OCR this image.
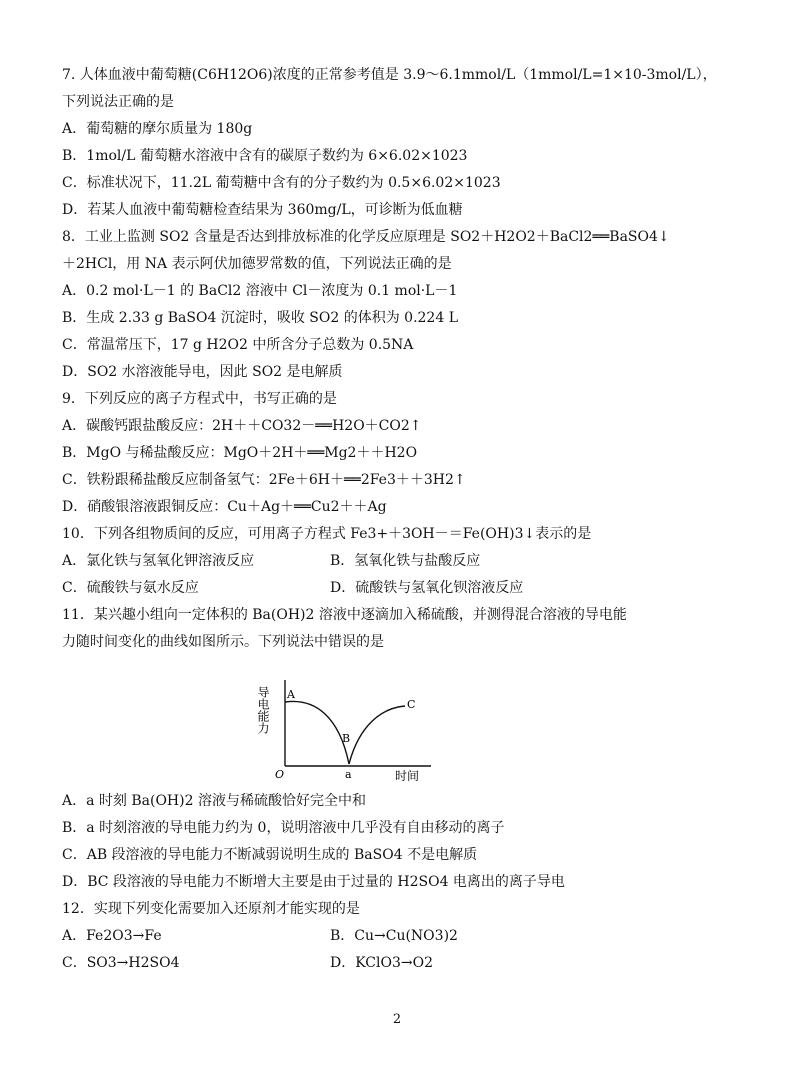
7. 人体血液中葡萄糖(C6H12O6)浓度的正常参考值是 3.9～6.1mmol/L（1mmol/L=1×10-3mol/L），
下列说法正确的是
A．葡萄糖的摩尔质量为 180g
B．1mol/L 葡萄糖水溶液中含有的碳原子数约为 6×6.02×1023
C．标准状况下，11.2L 葡萄糖中含有的分子数约为 0.5×6.02×1023
D．若某人血液中葡萄糖检查结果为 360mg/L，可诊断为低血糖
8．工业上监测 SO2 含量是否达到排放标准的化学反应原理是 SO2＋H2O2＋BaCl2══BaSO4↓
＋2HCl，用 NA 表示阿伏加德罗常数的值，下列说法正确的是
A．0.2 mol·L－1 的 BaCl2 溶液中 Cl－浓度为 0.1 mol·L－1
B．生成 2.33 g BaSO4 沉淀时，吸收 SO2 的体积为 0.224 L
C．常温常压下，17 g H2O2 中所含分子总数为 0.5NA
D．SO2 水溶液能导电，因此 SO2 是电解质
9．下列反应的离子方程式中，书写正确的是
A．碳酸钙跟盐酸反应：2H＋＋CO32－══H2O＋CO2↑
B．MgO 与稀盐酸反应：MgO＋2H＋══Mg2＋＋H2O
C．铁粉跟稀盐酸反应制备氢气：2Fe＋6H＋══2Fe3＋＋3H2↑
D．硝酸银溶液跟铜反应：Cu＋Ag＋══Cu2＋＋Ag
10．下列各组物质间的反应，可用离子方程式 Fe3+＋3OH－＝Fe(OH)3↓表示的是
A．氯化铁与氢氧化钾溶液反应	B．氢氧化铁与盐酸反应
C．硫酸铁与氨水反应	D．硫酸铁与氢氧化钡溶液反应
11．某兴趣小组向一定体积的 Ba(OH)2 溶液中逐滴加入稀硫酸，并测得混合溶液的导电能
力随时间变化的曲线如图所示。下列说法中错误的是
A．a 时刻 Ba(OH)2 溶液与稀硫酸恰好完全中和
B．a 时刻溶液的导电能力约为 0，说明溶液中几乎没有自由移动的离子
C．AB 段溶液的导电能力不断减弱说明生成的 BaSO4 不是电解质
D．BC 段溶液的导电能力不断增大主要是由于过量的 H2SO4 电离出的离子导电
12．实现下列变化需要加入还原剂才能实现的是
A．Fe2O3→Fe	B．Cu→Cu(NO3)2
C．SO3→H2SO4	D．KClO3→O2
导电能力
O	a	时间
A
B
C
2
